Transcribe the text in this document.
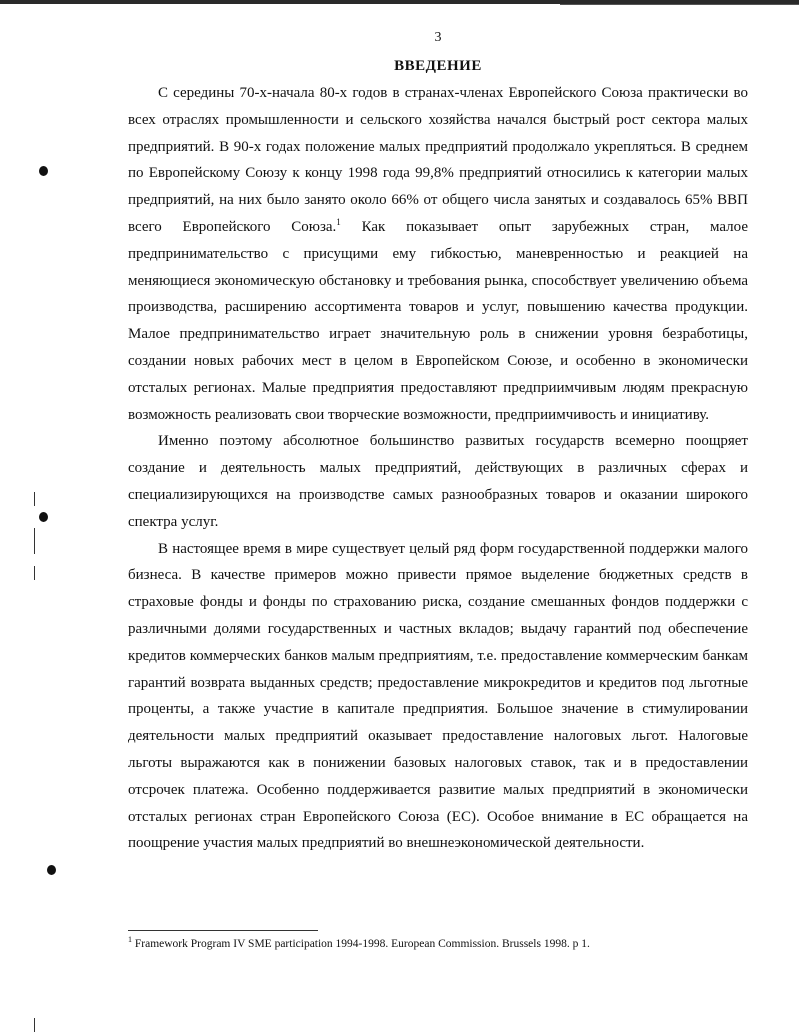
3
ВВЕДЕНИЕ

С середины 70-х-начала 80-х годов в странах-членах Европейского Союза практически во всех отраслях промышленности и сельского хозяйства начался быстрый рост сектора малых предприятий. В 90-х годах положение малых предприятий продолжало укрепляться. В среднем по Европейскому Союзу к концу 1998 года 99,8% предприятий относились к категории малых предприятий, на них было занято около 66% от общего числа занятых и создавалось 65% ВВП всего Европейского Союза.$^1$ Как показывает опыт зарубежных стран, малое предпринимательство с присущими ему гибкостью, маневренностью и реакцией на меняющиеся экономическую обстановку и требования рынка, способствует увеличению объема производства, расширению ассортимента товаров и услуг, повышению качества продукции. Малое предпринимательство играет значительную роль в снижении уровня безработицы, создании новых рабочих мест в целом в Европейском Союзе, и особенно в экономически отсталых регионах. Малые предприятия предоставляют предприимчивым людям прекрасную возможность реализовать свои творческие возможности, предприимчивость и инициативу.

Именно поэтому абсолютное большинство развитых государств всемерно поощряет создание и деятельность малых предприятий, действующих в различных сферах и специализирующихся на производстве самых разнообразных товаров и оказании широкого спектра услуг.

В настоящее время в мире существует целый ряд форм государственной поддержки малого бизнеса. В качестве примеров можно привести прямое выделение бюджетных средств в страховые фонды и фонды по страхованию риска, создание смешанных фондов поддержки с различными долями государственных и частных вкладов; выдачу гарантий под обеспечение кредитов коммерческих банков малым предприятиям, т.е. предоставление коммерческим банкам гарантий возврата выданных средств; предоставление микрокредитов и кредитов под льготные проценты, а также участие в капитале предприятия. Большое значение в стимулировании деятельности малых предприятий оказывает предоставление налоговых льгот. Налоговые льготы выражаются как в понижении базовых налоговых ставок, так и в предоставлении отсрочек платежа. Особенно поддерживается развитие малых предприятий в экономически отсталых регионах стран Европейского Союза (ЕС). Особое внимание в ЕС обращается на поощрение участия малых предприятий во внешнеэкономической деятельности.

$^1$ Framework Program IV SME participation 1994-1998. European Commission. Brussels 1998. p 1.
